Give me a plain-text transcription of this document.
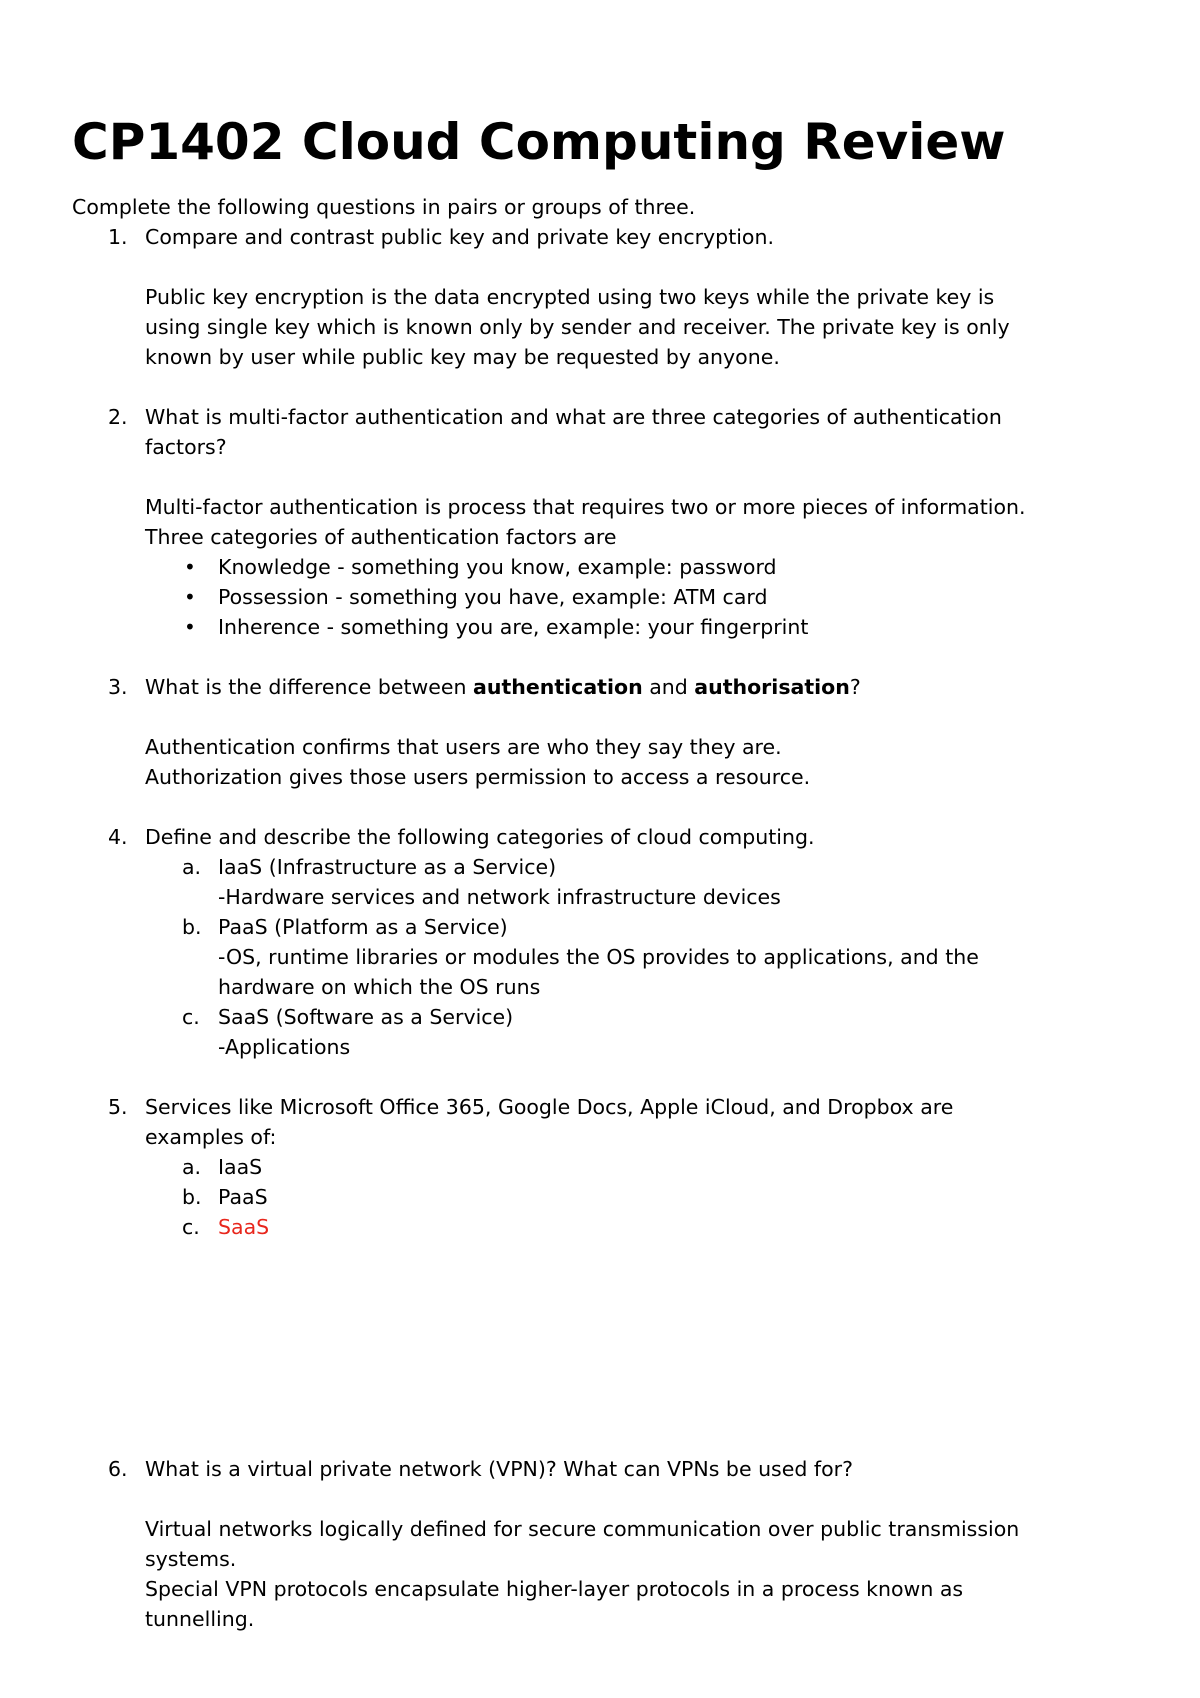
CP1402 Cloud Computing Review
Complete the following questions in pairs or groups of three.
1. Compare and contrast public key and private key encryption.
Public key encryption is the data encrypted using two keys while the private key is
using single key which is known only by sender and receiver. The private key is only
known by user while public key may be requested by anyone.
2. What is multi-factor authentication and what are three categories of authentication
factors?
Multi-factor authentication is process that requires two or more pieces of information.
Three categories of authentication factors are
• Knowledge - something you know, example: password
• Possession - something you have, example: ATM card
• Inherence - something you are, example: your fingerprint
3. What is the difference between authentication and authorisation?
Authentication confirms that users are who they say they are.
Authorization gives those users permission to access a resource.
4. Define and describe the following categories of cloud computing.
a. IaaS (Infrastructure as a Service)
-Hardware services and network infrastructure devices
b. PaaS (Platform as a Service)
-OS, runtime libraries or modules the OS provides to applications, and the
hardware on which the OS runs
c. SaaS (Software as a Service)
-Applications
5. Services like Microsoft Office 365, Google Docs, Apple iCloud, and Dropbox are
examples of:
a. IaaS
b. PaaS
c. SaaS
6. What is a virtual private network (VPN)? What can VPNs be used for?
Virtual networks logically defined for secure communication over public transmission
systems.
Special VPN protocols encapsulate higher-layer protocols in a process known as
tunnelling.
